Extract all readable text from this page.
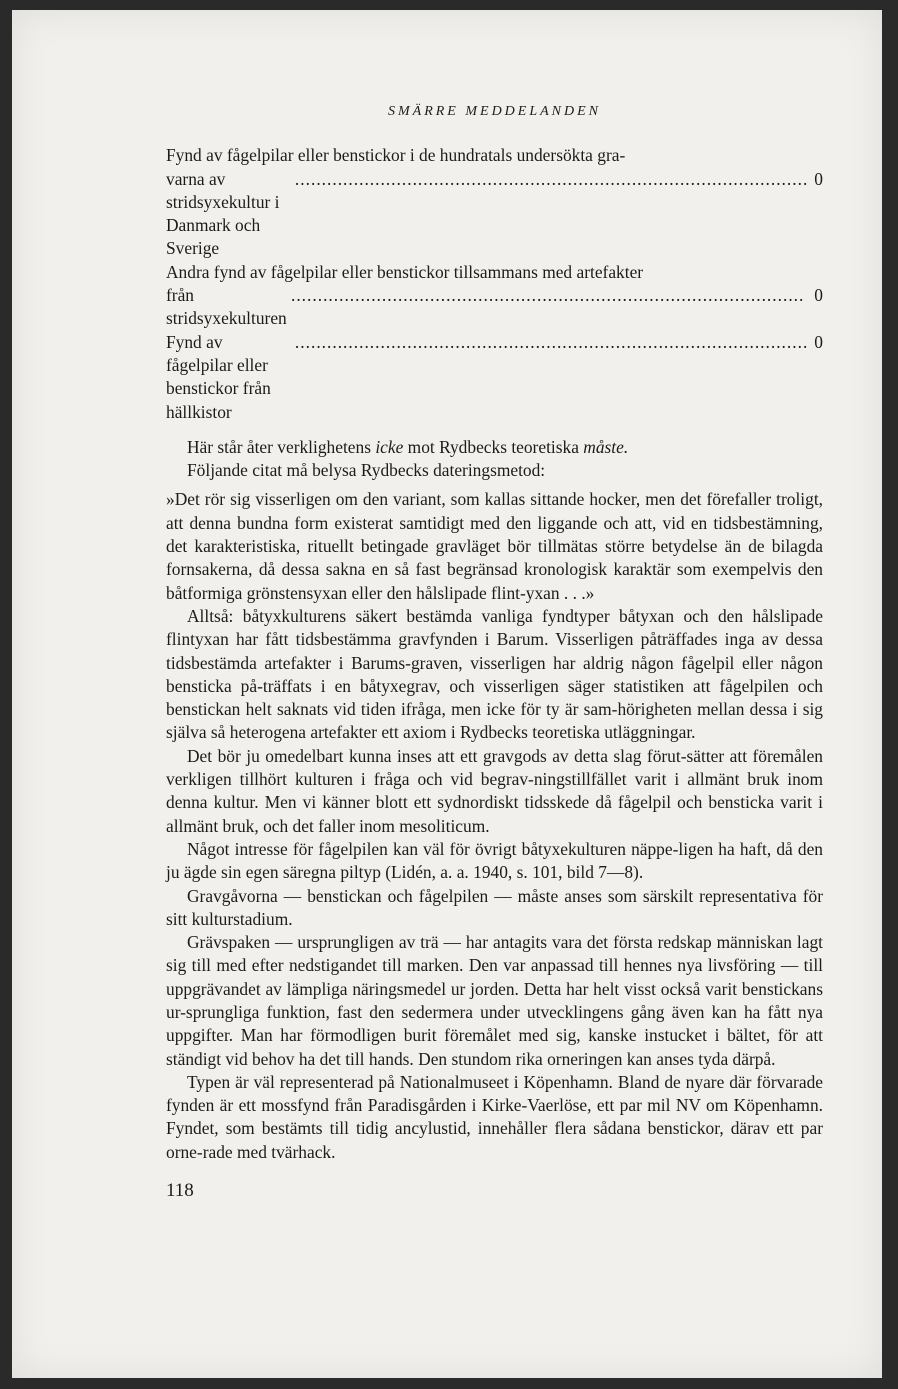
SMÄRRE MEDDELANDEN
Fynd av fågelpilar eller benstickor i de hundratals undersökta gra-
varna av stridsyxekultur i Danmark och Sverige
................................................................................................ 0
Andra fynd av fågelpilar eller benstickor tillsammans med artefakter
från stridsyxekulturen
................................................................................................ 0
Fynd av fågelpilar eller benstickor från hällkistor
................................................................................................ 0

Här står åter verklighetens icke mot Rydbecks teoretiska måste.

Följande citat må belysa Rydbecks dateringsmetod:

»Det rör sig visserligen om den variant, som kallas sittande hocker, men det förefaller troligt, att denna bundna form existerat samtidigt med den liggande och att, vid en tidsbestämning, det karakteristiska, rituellt betingade gravläget bör tillmätas större betydelse än de bilagda fornsakerna, då dessa sakna en så fast begränsad kronologisk karaktär som exempelvis den båtformiga grönstensyxan eller den hålslipade flint-yxan . . .»

Alltså: båtyxkulturens säkert bestämda vanliga fyndtyper båtyxan och den hålslipade flintyxan har fått tidsbestämma gravfynden i Barum. Visserligen påträffades inga av dessa tidsbestämda artefakter i Barums-graven, visserligen har aldrig någon fågelpil eller någon bensticka på-träffats i en båtyxegrav, och visserligen säger statistiken att fågelpilen och benstickan helt saknats vid tiden ifråga, men icke för ty är sam-hörigheten mellan dessa i sig själva så heterogena artefakter ett axiom i Rydbecks teoretiska utläggningar.

Det bör ju omedelbart kunna inses att ett gravgods av detta slag förut-sätter att föremålen verkligen tillhört kulturen i fråga och vid begrav-ningstillfället varit i allmänt bruk inom denna kultur. Men vi känner blott ett sydnordiskt tidsskede då fågelpil och bensticka varit i allmänt bruk, och det faller inom mesoliticum.

Något intresse för fågelpilen kan väl för övrigt båtyxekulturen näppe-ligen ha haft, då den ju ägde sin egen säregna piltyp (Lidén, a. a. 1940, s. 101, bild 7—8).

Gravgåvorna — benstickan och fågelpilen — måste anses som särskilt representativa för sitt kulturstadium.

Grävspaken — ursprungligen av trä — har antagits vara det första redskap människan lagt sig till med efter nedstigandet till marken. Den var anpassad till hennes nya livsföring — till uppgrävandet av lämpliga näringsmedel ur jorden. Detta har helt visst också varit benstickans ur-sprungliga funktion, fast den sedermera under utvecklingens gång även kan ha fått nya uppgifter. Man har förmodligen burit föremålet med sig, kanske instucket i bältet, för att ständigt vid behov ha det till hands. Den stundom rika orneringen kan anses tyda därpå.

Typen är väl representerad på Nationalmuseet i Köpenhamn. Bland de nyare där förvarade fynden är ett mossfynd från Paradisgården i Kirke-Vaerlöse, ett par mil NV om Köpenhamn. Fyndet, som bestämts till tidig ancylustid, innehåller flera sådana benstickor, därav ett par orne-rade med tvärhack.

118
